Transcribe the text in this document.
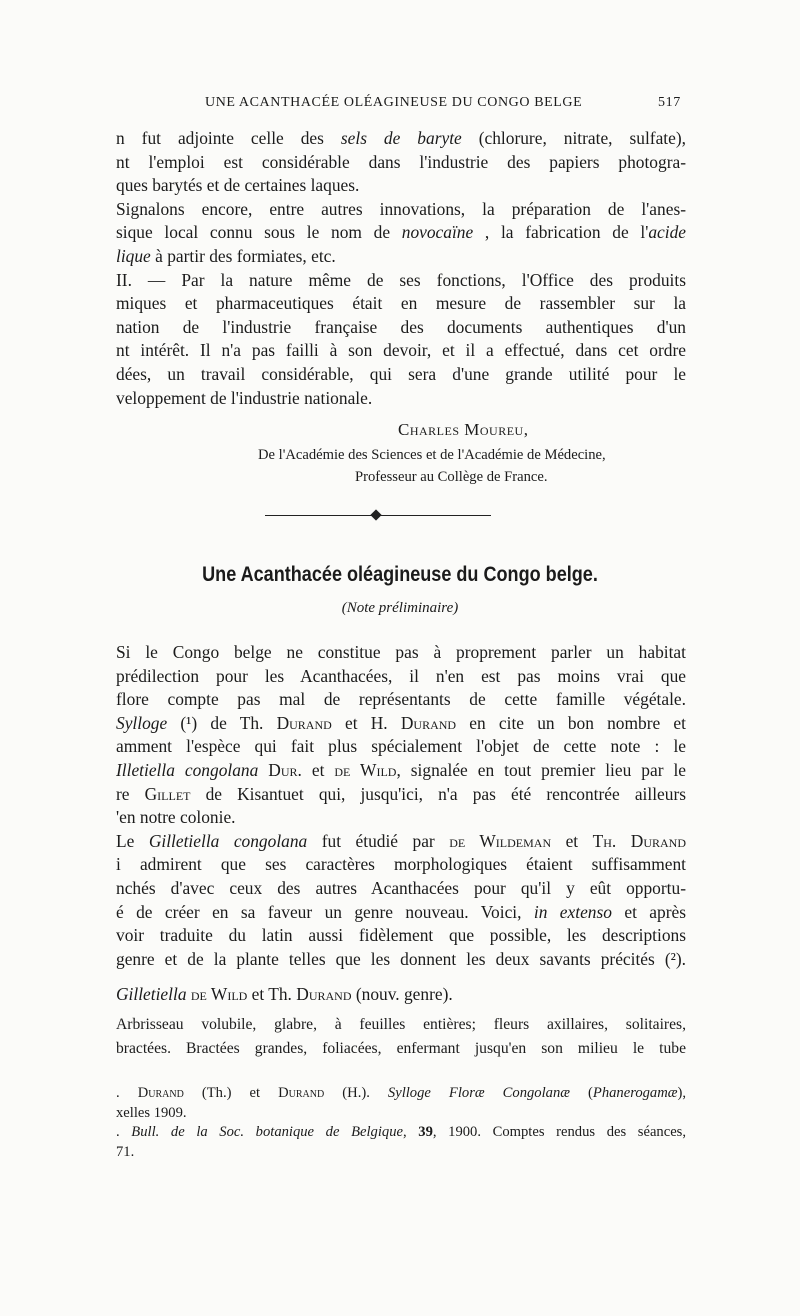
UNE ACANTHACÉE OLÉAGINEUSE DU CONGO BELGE	517
n fut adjointe celle des sels de baryte (chlorure, nitrate, sulfate),
nt l'emploi est considérable dans l'industrie des papiers photogra-
ques barytés et de certaines laques.
Signalons encore, entre autres innovations, la préparation de l'anes-
sique local connu sous le nom de novocaïne , la fabrication de l'acide
lique à partir des formiates, etc.
II. — Par la nature même de ses fonctions, l'Office des produits
miques et pharmaceutiques était en mesure de rassembler sur la
nation de l'industrie française des documents authentiques d'un
nt intérêt. Il n'a pas failli à son devoir, et il a effectué, dans cet ordre
dées, un travail considérable, qui sera d'une grande utilité pour le
veloppement de l'industrie nationale.
Charles Moureu,
De l'Académie des Sciences et de l'Académie de Médecine,
Professeur au Collège de France.
Une Acanthacée oléagineuse du Congo belge.
(Note préliminaire)
Si le Congo belge ne constitue pas à proprement parler un habitat
prédilection pour les Acanthacées, il n'en est pas moins vrai que
flore compte pas mal de représentants de cette famille végétale.
Sylloge (¹) de Th. Durand et H. Durand en cite un bon nombre et
amment l'espèce qui fait plus spécialement l'objet de cette note : le
Illetiella congolana Dur. et de Wild, signalée en tout premier lieu par le
re Gillet de Kisantuet qui, jusqu'ici, n'a pas été rencontrée ailleurs
'en notre colonie.
Le Gilletiella congolana fut étudié par de Wildeman et Th. Durand
i admirent que ses caractères morphologiques étaient suffisamment
nchés d'avec ceux des autres Acanthacées pour qu'il y eût opportu-
é de créer en sa faveur un genre nouveau. Voici, in extenso et après
voir traduite du latin aussi fidèlement que possible, les descriptions
genre et de la plante telles que les donnent les deux savants précités (²).
Gilletiella de Wild et Th. Durand (nouv. genre).
Arbrisseau volubile, glabre, à feuilles entières; fleurs axillaires, solitaires,
bractées. Bractées grandes, foliacées, enfermant jusqu'en son milieu le tube
. Durand (Th.) et Durand (H.). Sylloge Floræ Congolanæ (Phanerogamæ),
xelles 1909.
. Bull. de la Soc. botanique de Belgique, 39, 1900. Comptes rendus des séances,
71.
